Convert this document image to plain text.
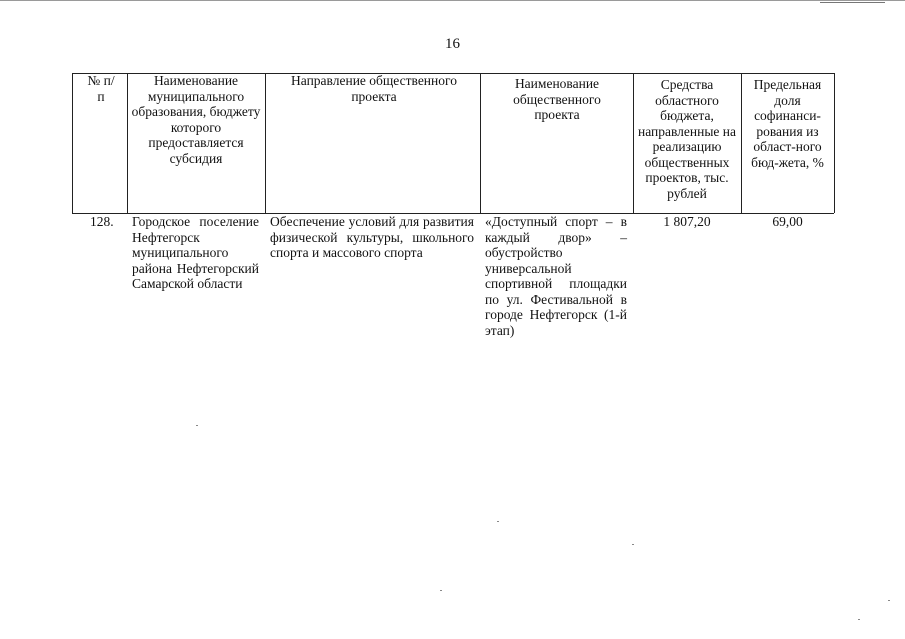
16
№ п/п
Наименование муниципального образования, бюджету которого предоставляется субсидия
Направление общественного проекта
Наименование общественного проекта
Средства областного бюджета, направленные на реализацию общественных проектов, тыс. рублей
Предельная доля софинанси-рования из област-ного бюд-жета, %
128.	Городское поселение Нефтегорск муниципального района Нефтегорский Самарской области
Обеспечение условий для развития физической культуры, школьного спорта и массового спорта
«Доступный спорт – в каждый двор» – обустройство универсальной спортивной площадки по ул. Фестивальной в городе Нефтегорск (1-й этап)
1 807,20	69,00
